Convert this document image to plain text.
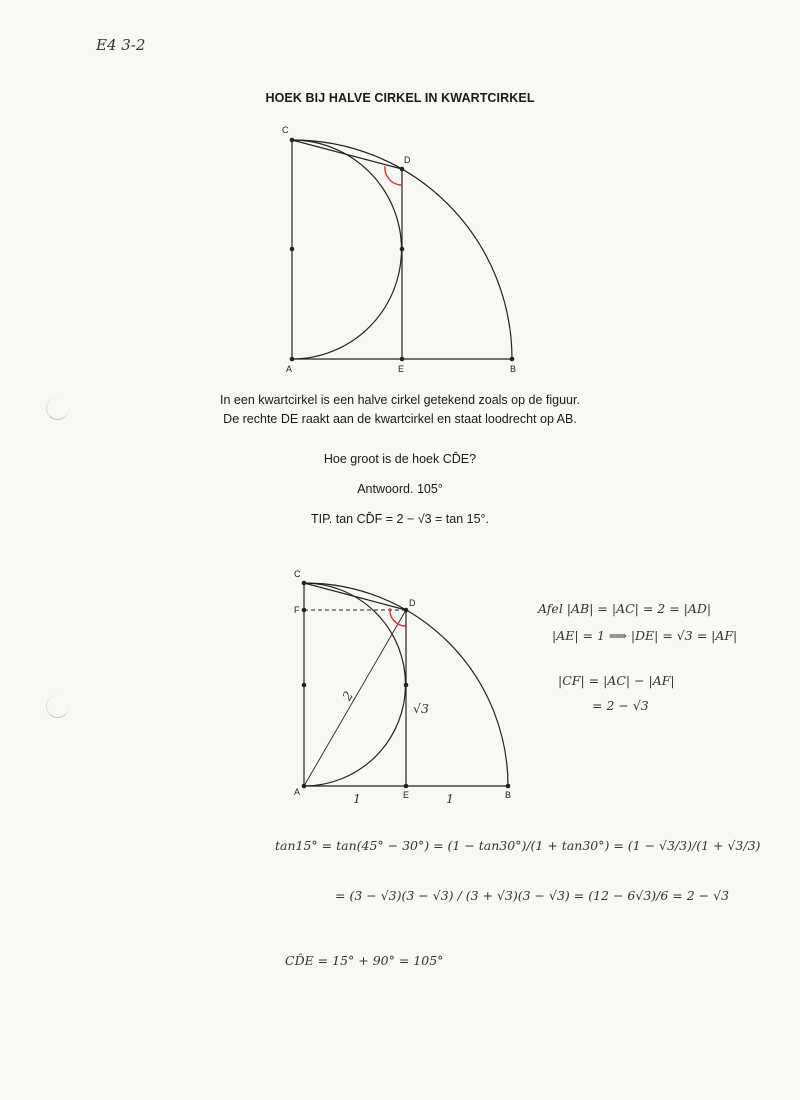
E4 3-2
HOEK BIJ HALVE CIRKEL IN KWARTCIRKEL
C
D
A	E	B
C
F
D
A	E	B
2
√3
1	1
Afel |AB| = |AC| = 2 = |AD|
|AE| = 1 ⟹ |DE| = √3 = |AF|
|CF| = |AC| − |AF|
= 2 − √3
tan15° = tan(45° − 30°) = (1 − tan30°)/(1 + tan30°) = (1 − √3/3)/(1 + √3/3)
= (3 − √3)(3 − √3) / (3 + √3)(3 − √3) = (12 − 6√3)/6 = 2 − √3
CD̂E = 15° + 90° = 105°
In een kwartcirkel is een halve cirkel getekend zoals op de figuur.
De rechte DE raakt aan de kwartcirkel en staat loodrecht op AB.
Hoe groot is de hoek CD̂E?
Antwoord. 105°
TIP. tan CD̂F = 2 − √3 = tan 15°.
